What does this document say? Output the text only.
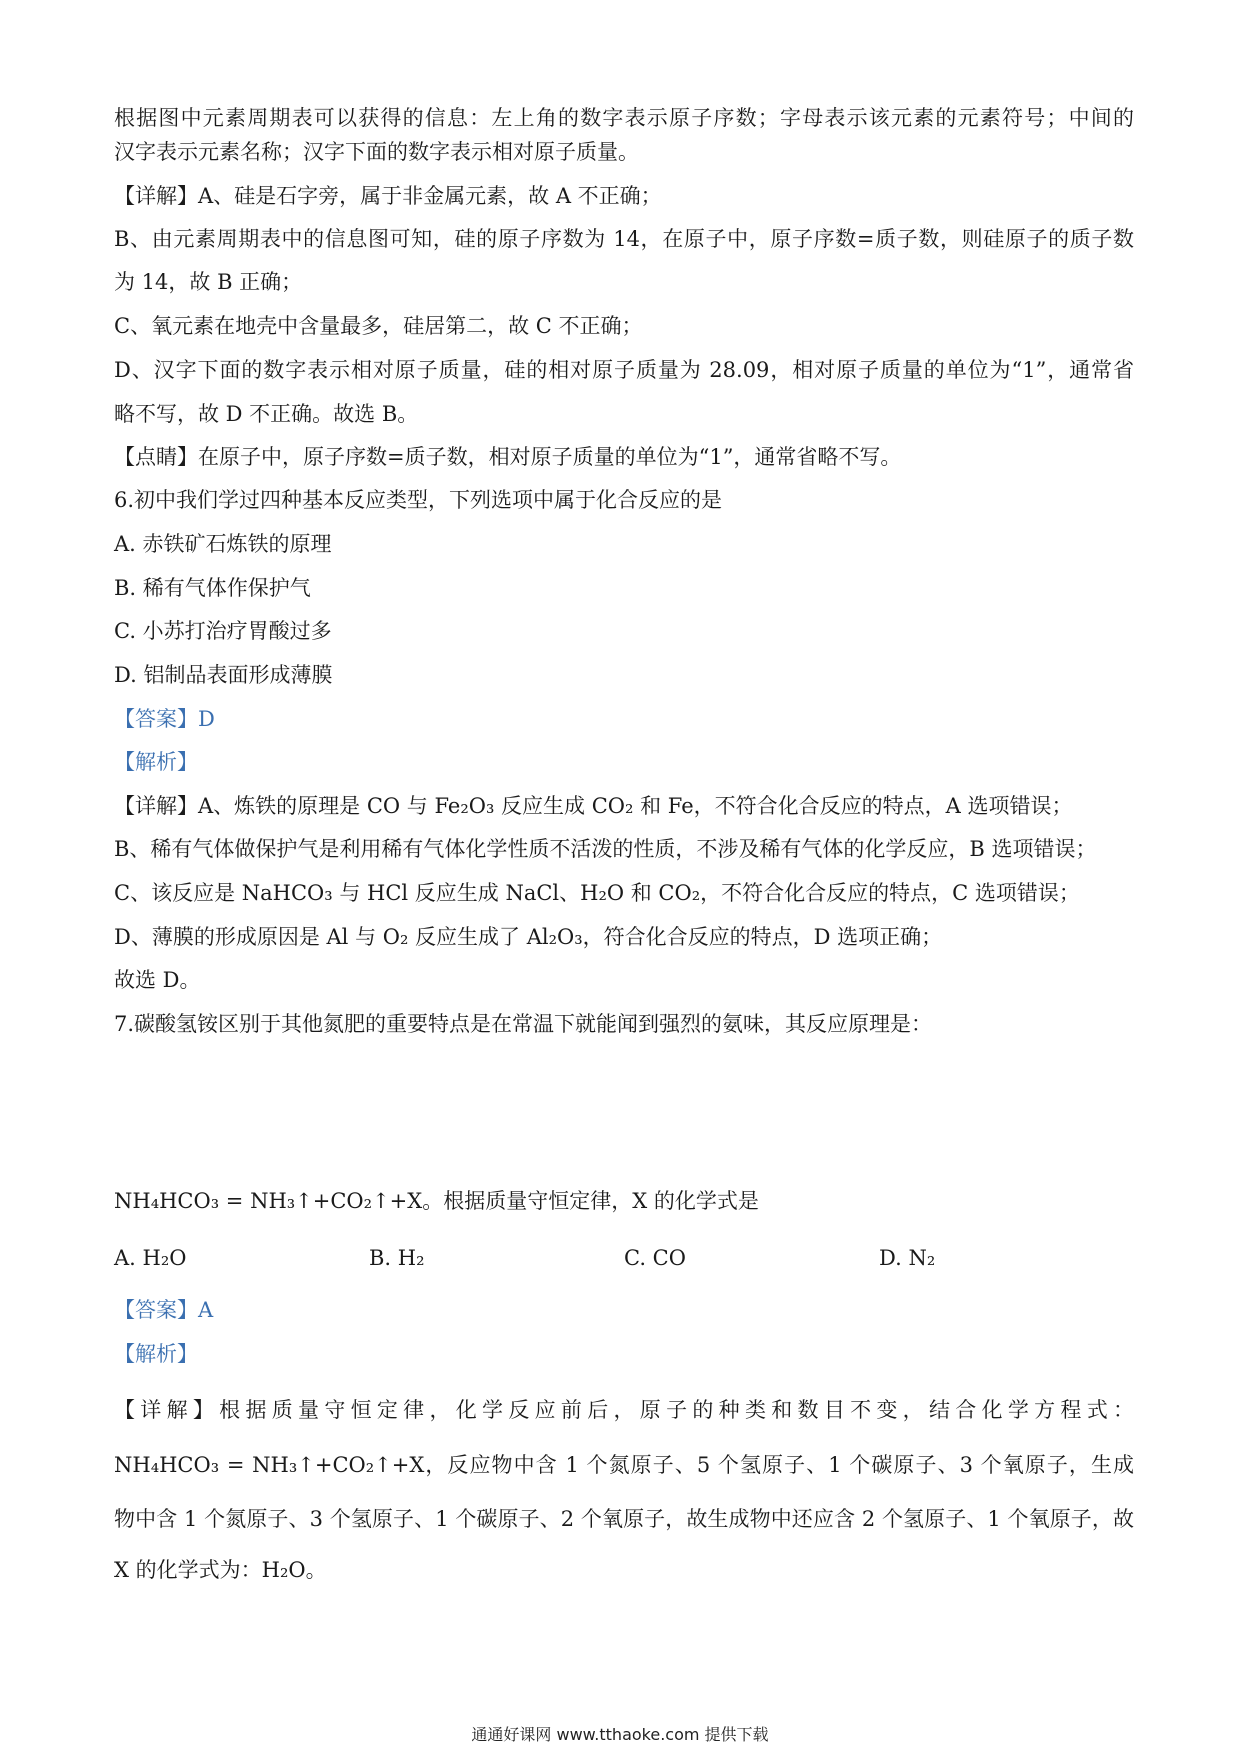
根据图中元素周期表可以获得的信息：左上角的数字表示原子序数；字母表示该元素的元素符号；中间的
汉字表示元素名称；汉字下面的数字表示相对原子质量。
【详解】A、硅是石字旁，属于非金属元素，故 A 不正确；
B、由元素周期表中的信息图可知，硅的原子序数为 14，在原子中，原子序数=质子数，则硅原子的质子数
为 14，故 B 正确；
C、氧元素在地壳中含量最多，硅居第二，故 C 不正确；
D、汉字下面的数字表示相对原子质量，硅的相对原子质量为 28.09，相对原子质量的单位为“1”，通常省
略不写，故 D 不正确。故选 B。
【点睛】在原子中，原子序数=质子数，相对原子质量的单位为“1”，通常省略不写。
6.初中我们学过四种基本反应类型，下列选项中属于化合反应的是
A. 赤铁矿石炼铁的原理
B. 稀有气体作保护气
C. 小苏打治疗胃酸过多
D. 铝制品表面形成薄膜
【答案】D
【解析】
【详解】A、炼铁的原理是 CO 与 Fe₂O₃ 反应生成 CO₂ 和 Fe，不符合化合反应的特点，A 选项错误；
B、稀有气体做保护气是利用稀有气体化学性质不活泼的性质，不涉及稀有气体的化学反应，B 选项错误；
C、该反应是 NaHCO₃ 与 HCl 反应生成 NaCl、H₂O 和 CO₂，不符合化合反应的特点，C 选项错误；
D、薄膜的形成原因是 Al 与 O₂ 反应生成了 Al₂O₃，符合化合反应的特点，D 选项正确；
故选 D。
7.碳酸氢铵区别于其他氮肥的重要特点是在常温下就能闻到强烈的氨味，其反应原理是：
NH₄HCO₃ = NH₃↑+CO₂↑+X。根据质量守恒定律，X 的化学式是
A. H₂O	B. H₂	C. CO	D. N₂
【答案】A
【解析】
【详解】根据质量守恒定律，化学反应前后，原子的种类和数目不变，结合化学方程式：
NH₄HCO₃ = NH₃↑+CO₂↑+X，反应物中含 1 个氮原子、5 个氢原子、1 个碳原子、3 个氧原子，生成
物中含 1 个氮原子、3 个氢原子、1 个碳原子、2 个氧原子，故生成物中还应含 2 个氢原子、1 个氧原子，故
X 的化学式为：H₂O。
通通好课网 www.tthaoke.com 提供下载
